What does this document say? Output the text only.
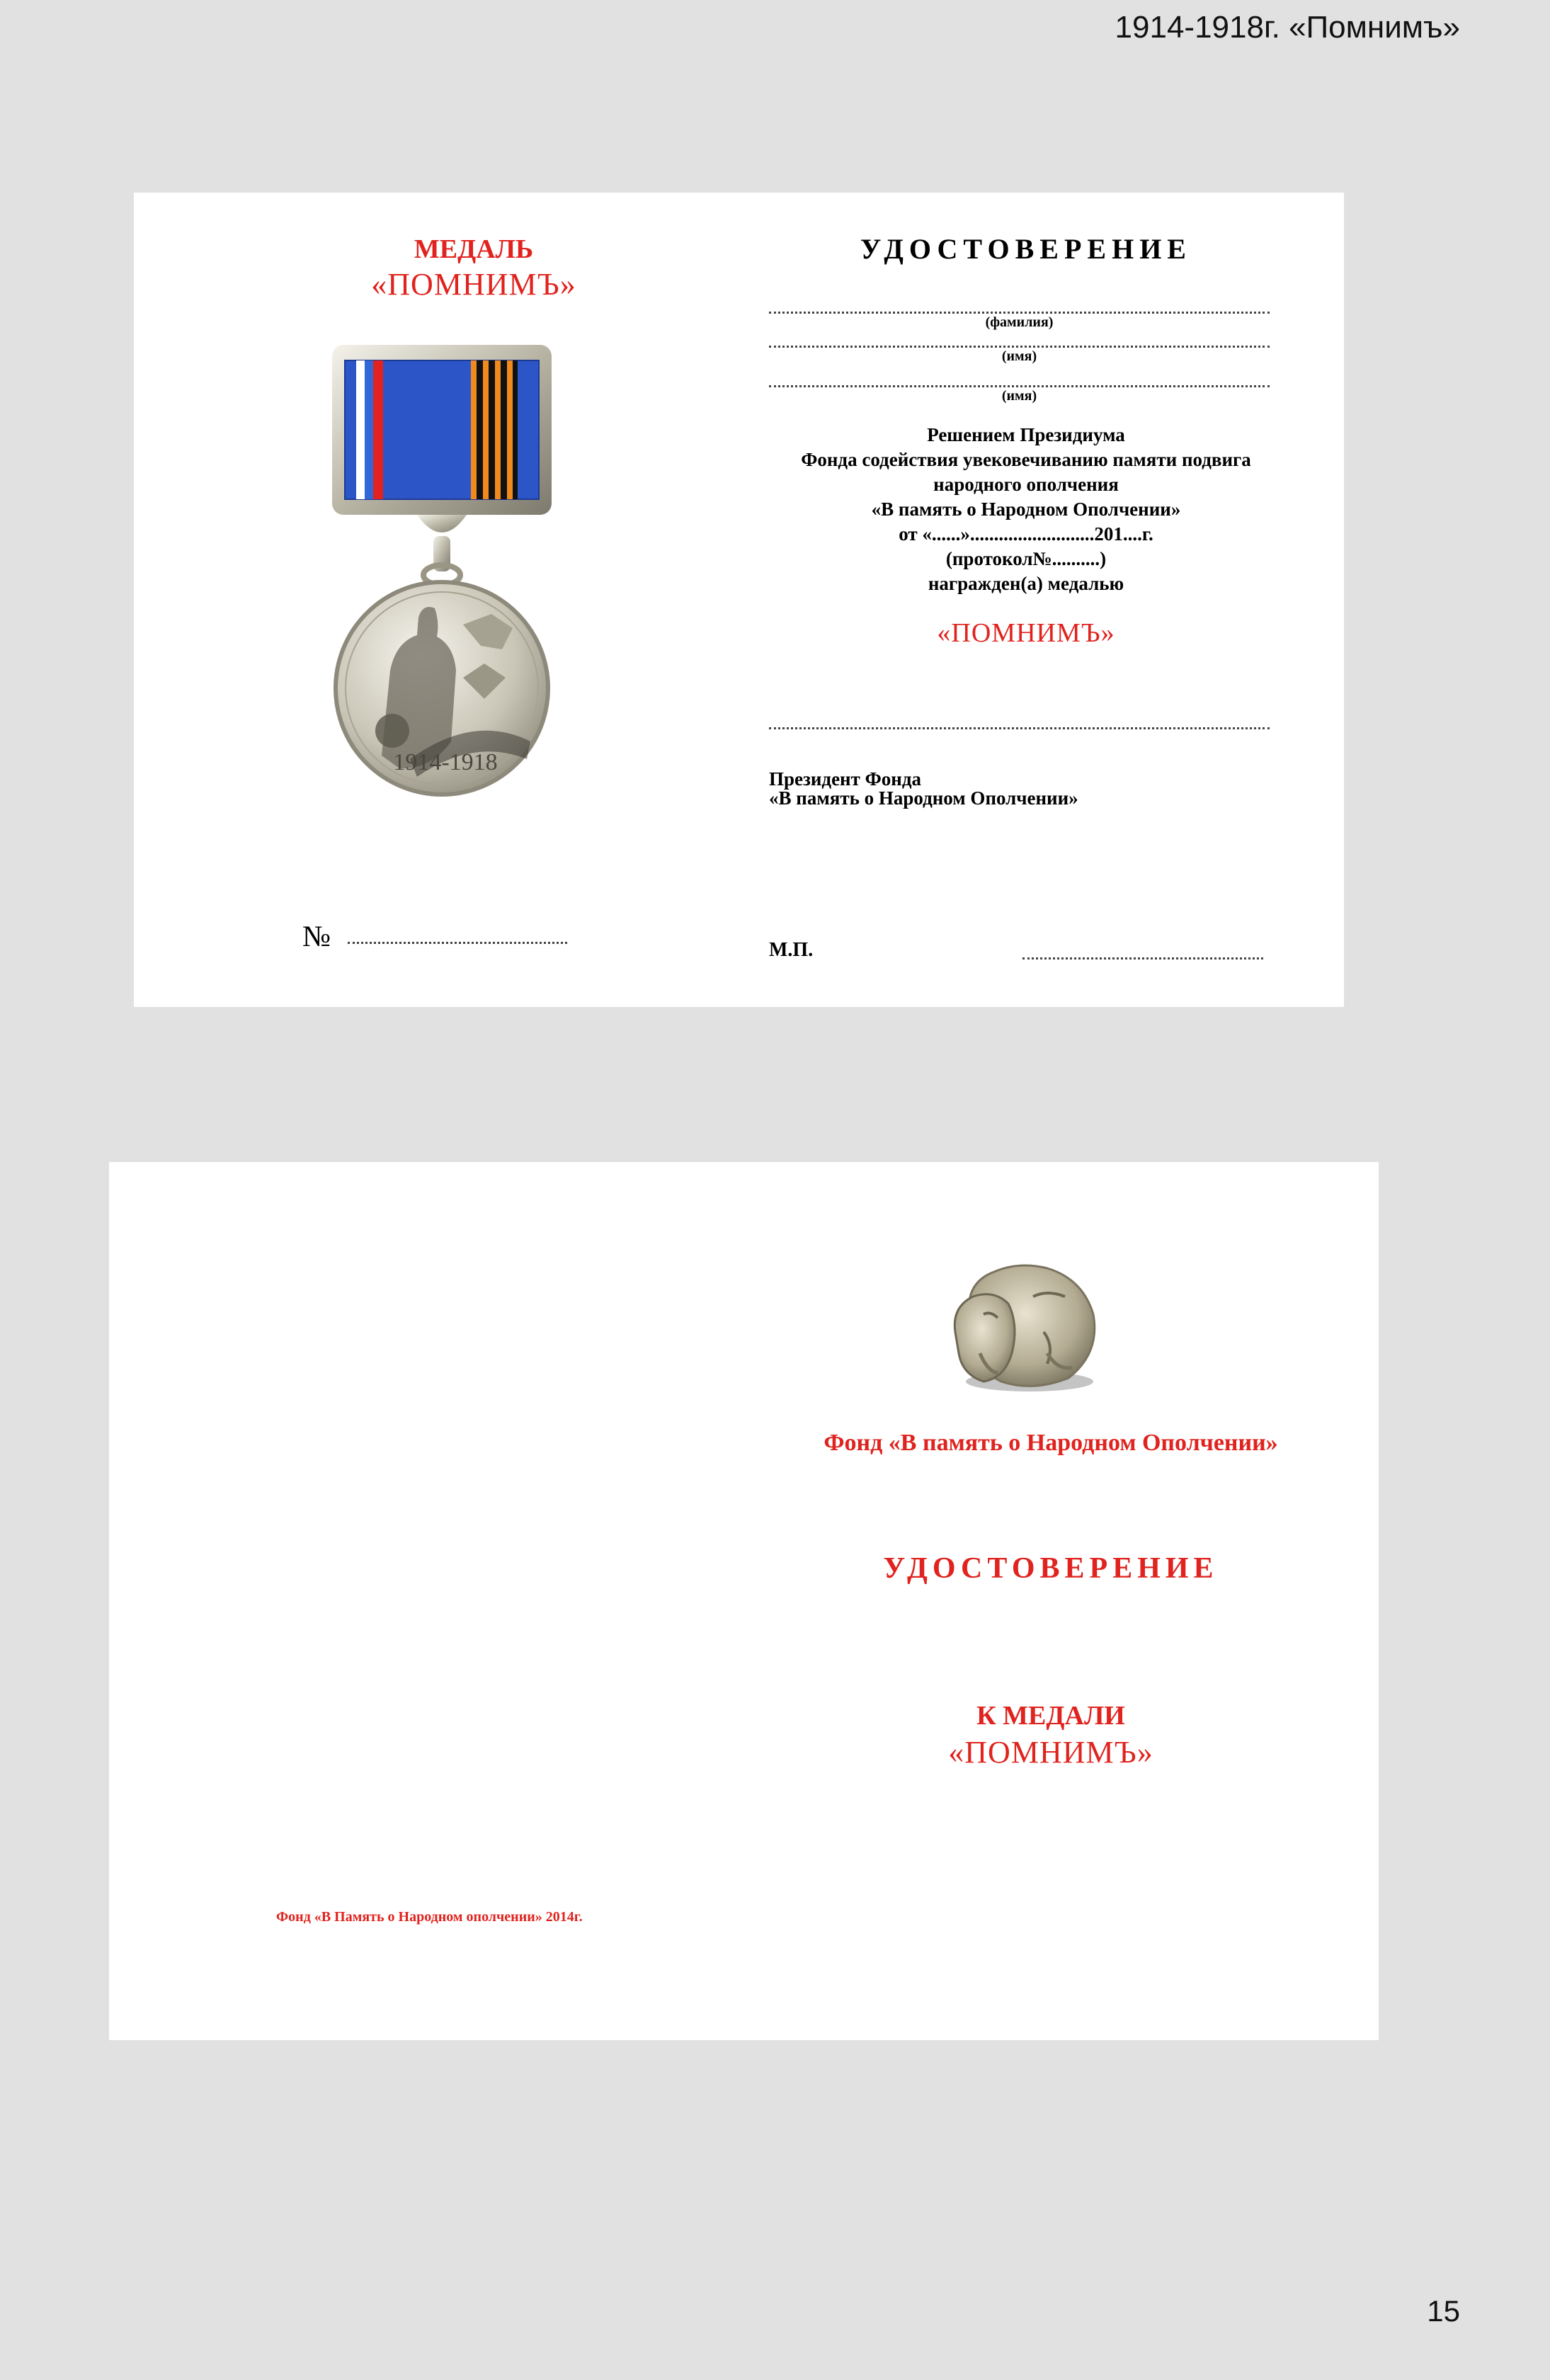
1914-1918г. «Помнимъ»
МЕДАЛЬ
«ПОМНИМЪ»
1914-1918
№
УДОСТОВЕРЕНИЕ
(фамилия)
(имя)
(имя)
Решением Президиума
Фонда содействия увековечиванию памяти подвига
народного ополчения
«В память о Народном Ополчении»
от «......»..........................201....г.
(протокол№..........)
награжден(а) медалью
«ПОМНИМЪ»
Президент Фонда
«В память о Народном Ополчении»
М.П.
Фонд «В память о Народном Ополчении»
УДОСТОВЕРЕНИЕ
К МЕДАЛИ
«ПОМНИМЪ»
Фонд «В Память о Народном ополчении» 2014г.
15
